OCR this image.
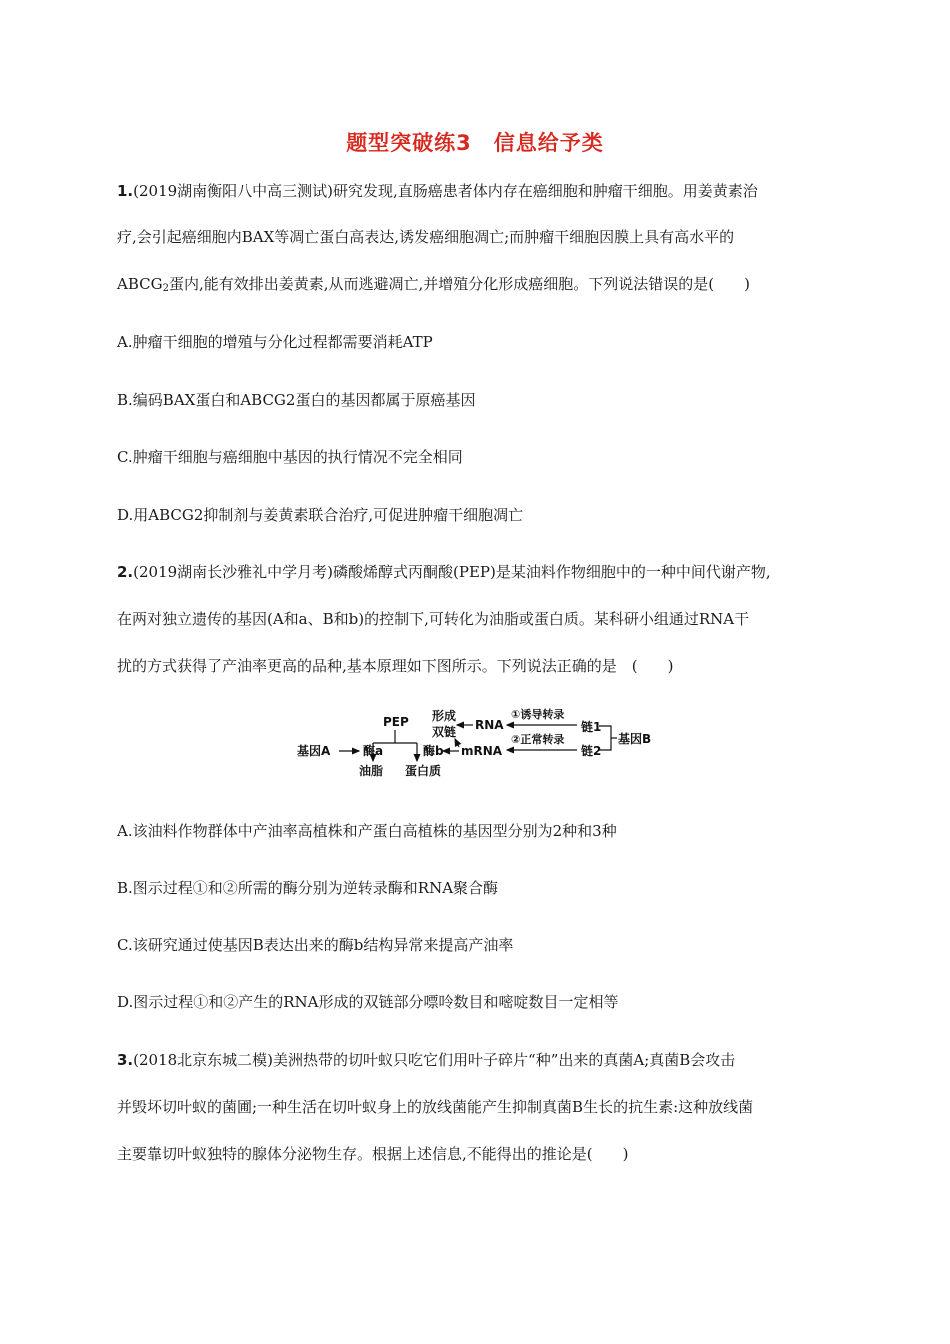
题型突破练3　信息给予类
1.(2019湖南衡阳八中高三测试)研究发现,直肠癌患者体内存在癌细胞和肿瘤干细胞。用姜黄素治
疗,会引起癌细胞内BAX等凋亡蛋白高表达,诱发癌细胞凋亡;而肿瘤干细胞因膜上具有高水平的
$ABCG_2$蛋内,能有效排出姜黄素,从而逃避凋亡,并增殖分化形成癌细胞。下列说法错误的是(　　)
A.肿瘤干细胞的增殖与分化过程都需要消耗ATP
B.编码BAX蛋白和ABCG2蛋白的基因都属于原癌基因
C.肿瘤干细胞与癌细胞中基因的执行情况不完全相同
D.用ABCG2抑制剂与姜黄素联合治疗,可促进肿瘤干细胞凋亡
2.(2019湖南长沙雅礼中学月考)磷酸烯醇式丙酮酸(PEP)是某油料作物细胞中的一种中间代谢产物,
在两对独立遗传的基因(A和a、B和b)的控制下,可转化为油脂或蛋白质。某科研小组通过RNA干
扰的方式获得了产油率更高的品种,基本原理如下图所示。下列说法正确的是　(　　)
PEP 形成
双链 RNA
①诱导转录
链1
②正常转录
链2
基因B
mRNA
基因A	酶a	酶b
油脂 蛋白质
A.该油料作物群体中产油率高植株和产蛋白高植株的基因型分别为2种和3种
B.图示过程①和②所需的酶分别为逆转录酶和RNA聚合酶
C.该研究通过使基因B表达出来的酶b结构异常来提高产油率
D.图示过程①和②产生的RNA形成的双链部分嘌呤数目和嘧啶数目一定相等
3.(2018北京东城二模)美洲热带的切叶蚁只吃它们用叶子碎片“种”出来的真菌A;真菌B会攻击
并毁坏切叶蚁的菌圃;一种生活在切叶蚁身上的放线菌能产生抑制真菌B生长的抗生素:这种放线菌
主要靠切叶蚁独特的腺体分泌物生存。根据上述信息,不能得出的推论是(　　)
